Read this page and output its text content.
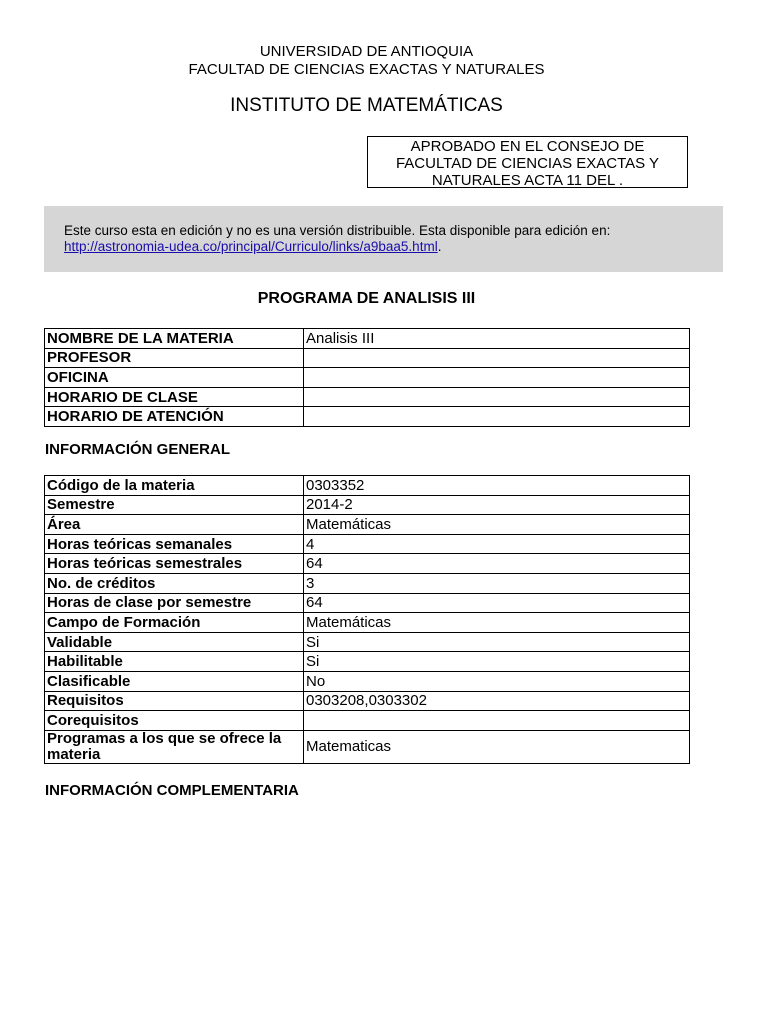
UNIVERSIDAD DE ANTIOQUIA
FACULTAD DE CIENCIAS EXACTAS Y NATURALES
INSTITUTO DE MATEMÁTICAS
APROBADO EN EL CONSEJO DE
FACULTAD DE CIENCIAS EXACTAS Y
NATURALES ACTA 11 DEL .
Este curso esta en edición y no es una versión distribuible. Esta disponible para edición en:
http://astronomia-udea.co/principal/Curriculo/links/a9baa5.html.
PROGRAMA DE ANALISIS III
NOMBRE DE LA MATERIA	Analisis III
PROFESOR	
OFICINA	
HORARIO DE CLASE	
HORARIO DE ATENCIÓN	
INFORMACIÓN GENERAL
Código de la materia	0303352
Semestre	2014-2
Área	Matemáticas
Horas teóricas semanales	4
Horas teóricas semestrales	64
No. de créditos	3
Horas de clase por semestre	64
Campo de Formación	Matemáticas
Validable	Si
Habilitable	Si
Clasificable	No
Requisitos	0303208,0303302
Corequisitos	
Programas a los que se ofrece la materia	Matematicas
INFORMACIÓN COMPLEMENTARIA
